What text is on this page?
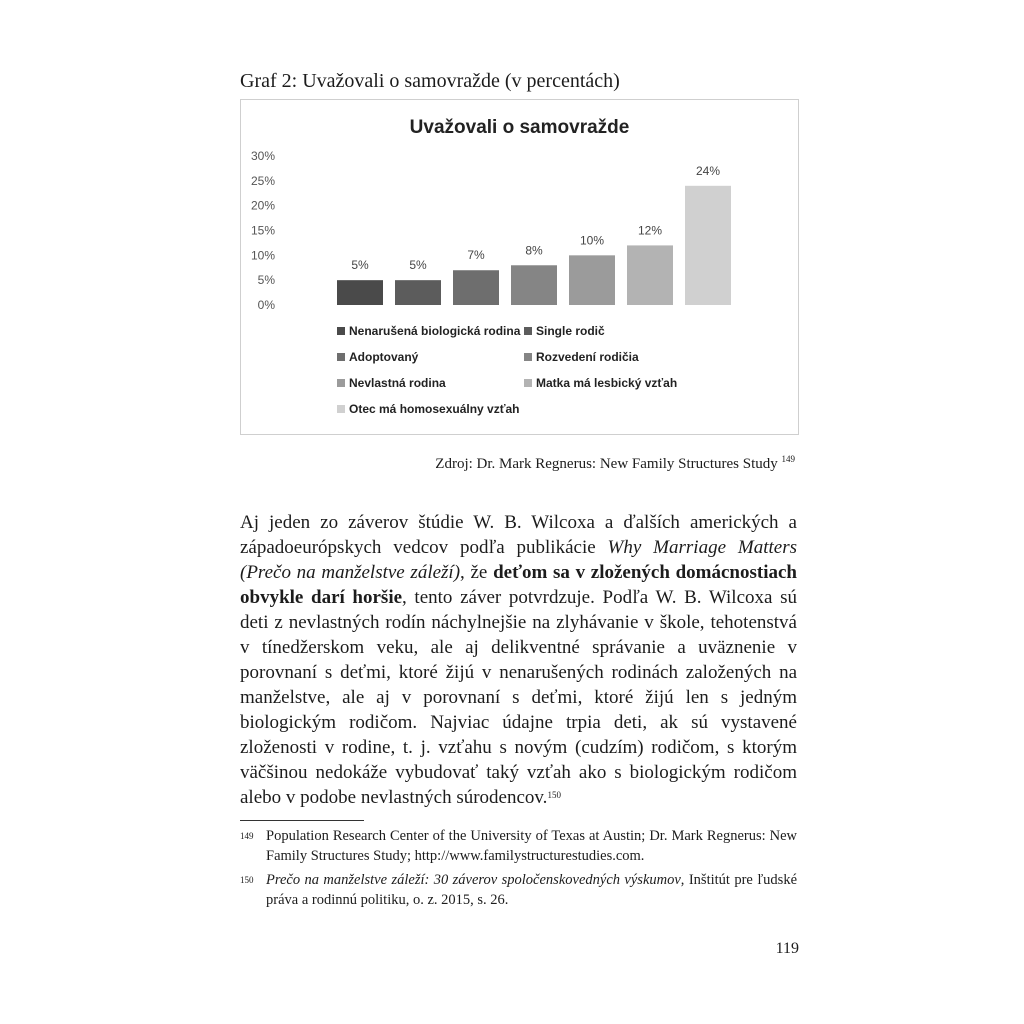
Graf 2: Uvažovali o samovražde (v percentách)
Uvažovali o samovražde
0%
5%
10%
15%
20%
25%
30%
5%	5%
7%	8%
10%
12%
24%
Nenarušená biologická rodina Single rodič
Adoptovaný	Rozvedení rodičia
Nevlastná rodina	Matka má lesbický vzťah
Otec má homosexuálny vzťah
Zdroj: Dr. Mark Regnerus: New Family Structures Study $^{149}$
Aj jeden zo záverov štúdie W. B. Wilcoxa a ďalších amerických a západoeurópskych vedcov podľa publikácie Why Marriage Matters (Prečo na manželstve záleží), že deťom sa v zložených domácnostiach obvykle darí horšie, tento záver potvrdzuje. Podľa W. B. Wilcoxa sú deti z nevlastných rodín náchylnejšie na zlyhávanie v škole, tehotenstvá v tínedžerskom veku, ale aj delikventné správanie a uväznenie v porovnaní s deťmi, ktoré žijú v nenarušených rodinách založených na manželstve, ale aj v porovnaní s deťmi, ktoré žijú len s jedným biologickým rodičom. Najviac údajne trpia deti, ak sú vystavené zloženosti v rodine, t. j. vzťahu s novým (cudzím) rodičom, s ktorým väčšinou nedokáže vybudovať taký vzťah ako s biologickým rodičom alebo v podobe nevlastných súrodencov.$^{150}$
149 Population Research Center of the University of Texas at Austin; Dr. Mark Regnerus: New Family Structures Study; http://www.familystructurestudies.com.
150 Prečo na manželstve záleží: 30 záverov spoločenskovedných výskumov, Inštitút pre ľudské práva a rodinnú politiku, o. z. 2015, s. 26.
119
